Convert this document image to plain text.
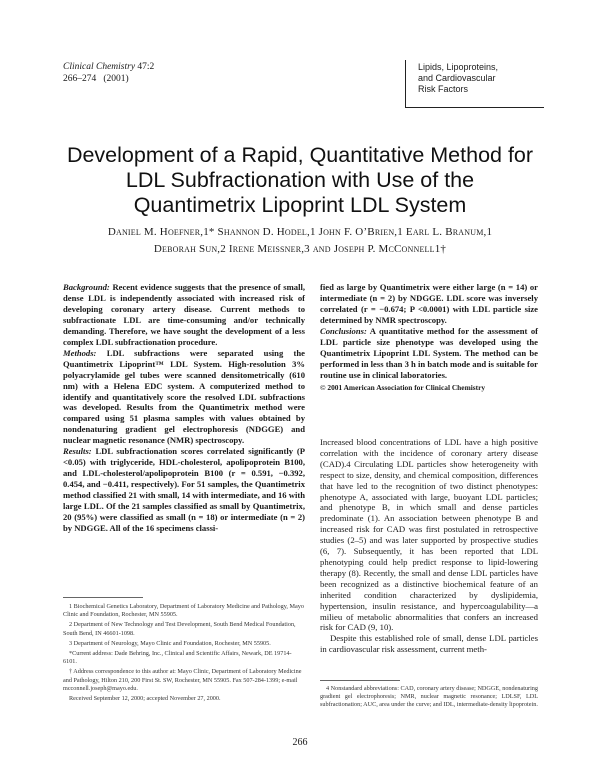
Clinical Chemistry 47:2
266–274   (2001)
Lipids, Lipoproteins,
and Cardiovascular
Risk Factors
Development of a Rapid, Quantitative Method for
LDL Subfractionation with Use of the
Quantimetrix Lipoprint LDL System
Daniel M. Hoefner,1* Shannon D. Hodel,1 John F. O’Brien,1 Earl L. Branum,1
Deborah Sun,2 Irene Meissner,3 and Joseph P. McConnell1†
Background: Recent evidence suggests that the presence of small, dense LDL is independently associated with increased risk of developing coronary artery disease. Current methods to subfractionate LDL are time-consuming and/or technically demanding. Therefore, we have sought the development of a less complex LDL subfractionation procedure.
Methods: LDL subfractions were separated using the Quantimetrix Lipoprint™ LDL System. High-resolution 3% polyacrylamide gel tubes were scanned densitometrically (610 nm) with a Helena EDC system. A computerized method to identify and quantitatively score the resolved LDL subfractions was developed. Results from the Quantimetrix method were compared using 51 plasma samples with values obtained by nondenaturing gradient gel electrophoresis (NDGGE) and nuclear magnetic resonance (NMR) spectroscopy.
Results: LDL subfractionation scores correlated significantly (P <0.05) with triglyceride, HDL-cholesterol, apolipoprotein B100, and LDL-cholesterol/apolipoprotein B100 (r = 0.591, −0.392, 0.454, and −0.411, respectively). For 51 samples, the Quantimetrix method classified 21 with small, 14 with intermediate, and 16 with large LDL. Of the 21 samples classified as small by Quantimetrix, 20 (95%) were classified as small (n = 18) or intermediate (n = 2) by NDGGE. All of the 16 specimens classi-
fied as large by Quantimetrix were either large (n = 14) or intermediate (n = 2) by NDGGE. LDL score was inversely correlated (r = −0.674; P <0.0001) with LDL particle size determined by NMR spectroscopy.
Conclusions: A quantitative method for the assessment of LDL particle size phenotype was developed using the Quantimetrix Lipoprint LDL System. The method can be performed in less than 3 h in batch mode and is suitable for routine use in clinical laboratories.
© 2001 American Association for Clinical Chemistry

Increased blood concentrations of LDL have a high positive correlation with the incidence of coronary artery disease (CAD).4 Circulating LDL particles show heterogeneity with respect to size, density, and chemical composition, differences that have led to the recognition of two distinct phenotypes: phenotype A, associated with large, buoyant LDL particles; and phenotype B, in which small and dense particles predominate (1). An association between phenotype B and increased risk for CAD was first postulated in retrospective studies (2–5) and was later supported by prospective studies (6, 7). Subsequently, it has been reported that LDL phenotyping could help predict response to lipid-lowering therapy (8). Recently, the small and dense LDL particles have been recognized as a distinctive biochemical feature of an inherited condition characterized by dyslipidemia, hypertension, insulin resistance, and hypercoagulability—a milieu of metabolic abnormalities that confers an increased risk for CAD (9, 10).

Despite this established role of small, dense LDL particles in cardiovascular risk assessment, current meth-

1 Biochemical Genetics Laboratory, Department of Laboratory Medicine and Pathology, Mayo Clinic and Foundation, Rochester, MN 55905.

2 Department of New Technology and Test Development, South Bend Medical Foundation, South Bend, IN 46601-1098.

3 Department of Neurology, Mayo Clinic and Foundation, Rochester, MN 55905.

*Current address: Dade Behring, Inc., Clinical and Scientific Affairs, Newark, DE 19714-6101.

† Address correspondence to this author at: Mayo Clinic, Department of Laboratory Medicine and Pathology, Hilton 210, 200 First St. SW, Rochester, MN 55905. Fax 507-284-1399; e-mail mcconnell.joseph@mayo.edu.

Received September 12, 2000; accepted November 27, 2000.

4 Nonstandard abbreviations: CAD, coronary artery disease; NDGGE, nondenaturing gradient gel electrophoresis; NMR, nuclear magnetic resonance; LDLSF, LDL subfractionation; AUC, area under the curve; and IDL, intermediate-density lipoprotein.

266
